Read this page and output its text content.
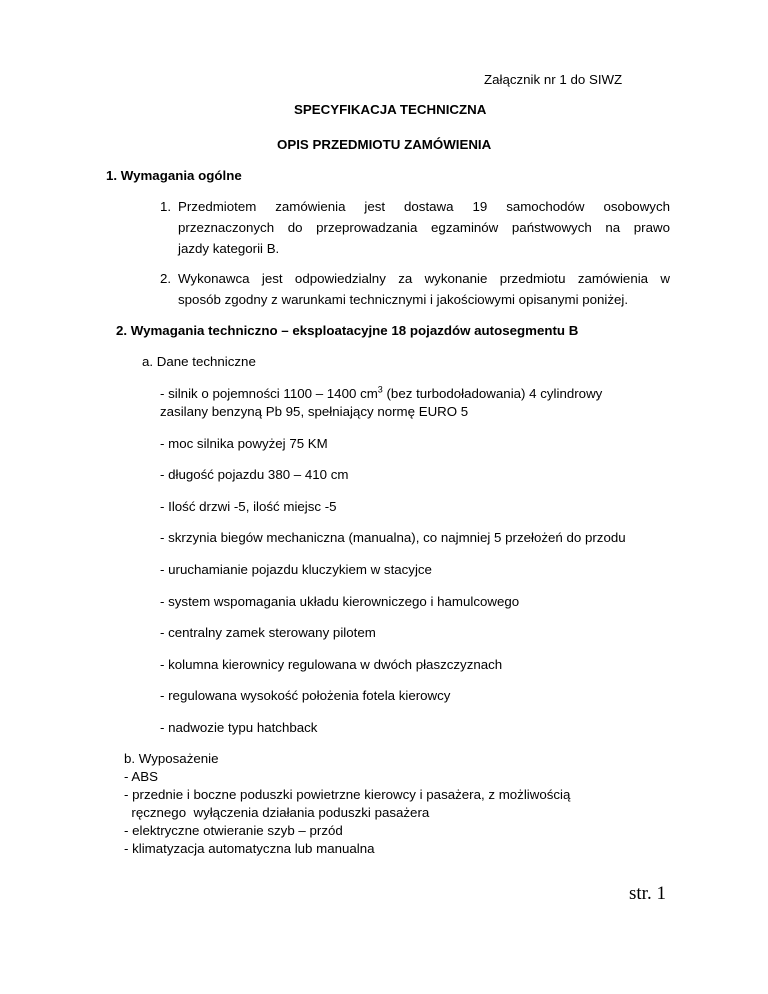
Załącznik nr 1 do SIWZ
SPECYFIKACJA TECHNICZNA
OPIS PRZEDMIOTU ZAMÓWIENIA
1. Wymagania ogólne
1. Przedmiotem zamówienia jest dostawa 19 samochodów osobowych
przeznaczonych do przeprowadzania egzaminów państwowych na prawo
jazdy kategorii B.
2. Wykonawca jest odpowiedzialny za wykonanie przedmiotu zamówienia w
sposób zgodny z warunkami technicznymi i jakościowymi opisanymi poniżej.
2. Wymagania techniczno – eksploatacyjne 18 pojazdów autosegmentu B
a. Dane techniczne
- silnik o pojemności 1100 – 1400 $cm^3$ (bez turbodoładowania) 4 cylindrowy
zasilany benzyną Pb 95, spełniający normę EURO 5
- moc silnika powyżej 75 KM
- długość pojazdu 380 – 410 cm
- Ilość drzwi -5, ilość miejsc -5
- skrzynia biegów mechaniczna (manualna), co najmniej 5 przełożeń do przodu
- uruchamianie pojazdu kluczykiem w stacyjce
- system wspomagania układu kierowniczego i hamulcowego
- centralny zamek sterowany pilotem
- kolumna kierownicy regulowana w dwóch płaszczyznach
- regulowana wysokość położenia fotela kierowcy
- nadwozie typu hatchback
b. Wyposażenie
- ABS
- przednie i boczne poduszki powietrzne kierowcy i pasażera, z możliwością
ręcznego  wyłączenia działania poduszki pasażera
- elektryczne otwieranie szyb – przód
- klimatyzacja automatyczna lub manualna
str. 1
